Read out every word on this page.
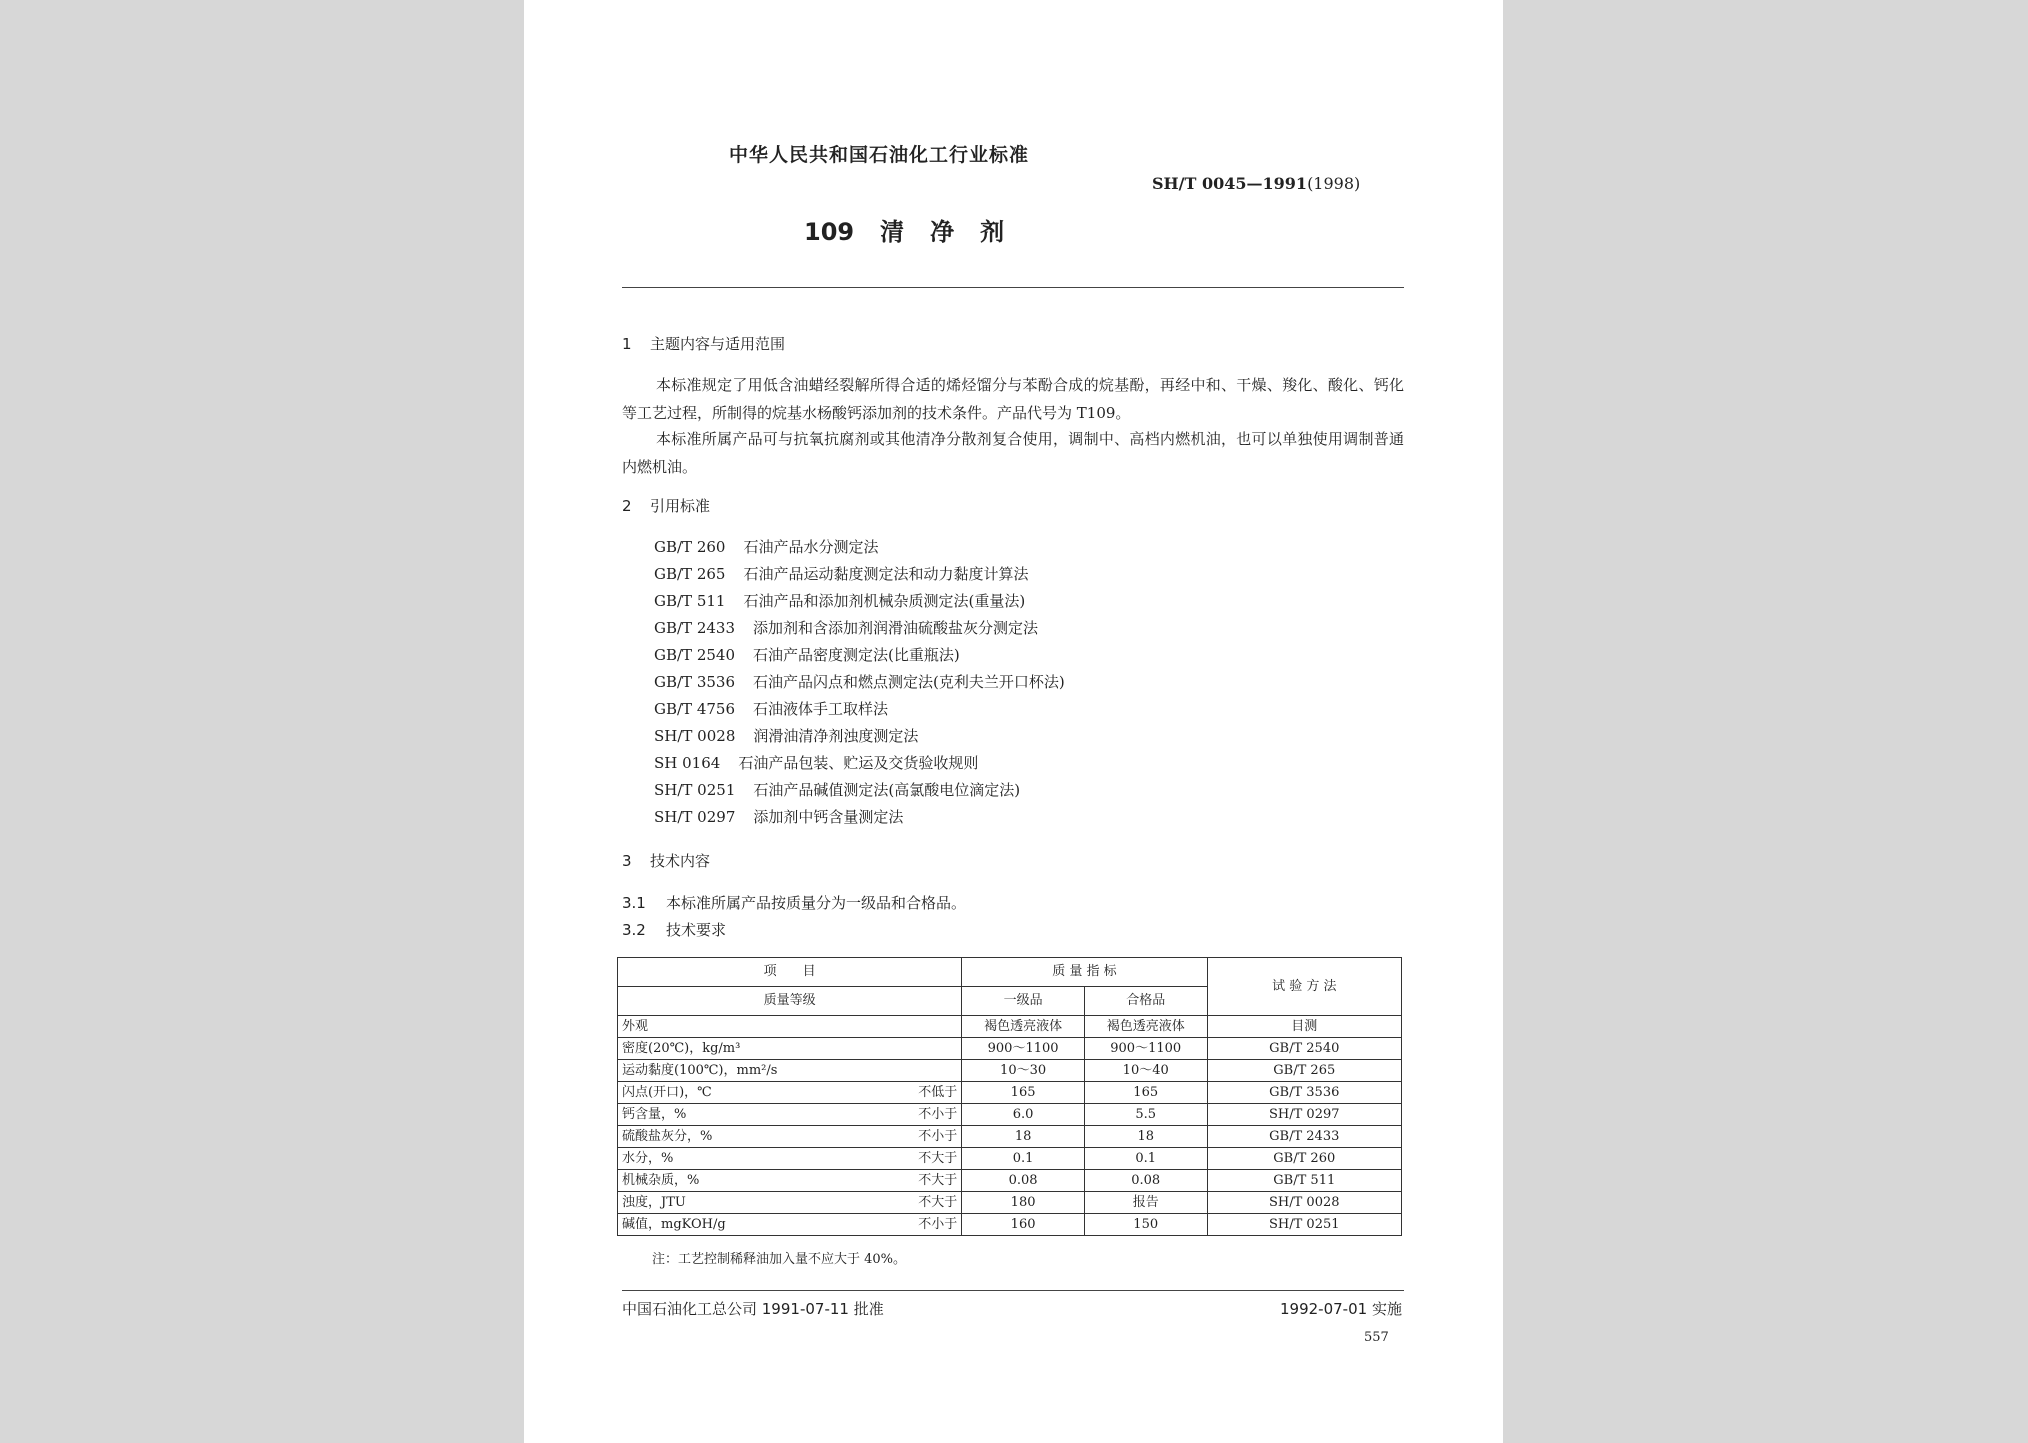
中华人民共和国石油化工行业标准
SH/T 0045—1991(1998)
109 清 净 剂
1 主题内容与适用范围
本标准规定了用低含油蜡经裂解所得合适的烯烃馏分与苯酚合成的烷基酚，再经中和、干燥、羧化、酸化、钙化等工艺过程，所制得的烷基水杨酸钙添加剂的技术条件。产品代号为 T109。
本标准所属产品可与抗氧抗腐剂或其他清净分散剂复合使用，调制中、高档内燃机油，也可以单独使用调制普通内燃机油。
2 引用标准
GB/T 260 石油产品水分测定法
GB/T 265 石油产品运动黏度测定法和动力黏度计算法
GB/T 511 石油产品和添加剂机械杂质测定法(重量法)
GB/T 2433 添加剂和含添加剂润滑油硫酸盐灰分测定法
GB/T 2540 石油产品密度测定法(比重瓶法)
GB/T 3536 石油产品闪点和燃点测定法(克利夫兰开口杯法)
GB/T 4756 石油液体手工取样法
SH/T 0028 润滑油清净剂浊度测定法
SH 0164 石油产品包装、贮运及交货验收规则
SH/T 0251 石油产品碱值测定法(高氯酸电位滴定法)
SH/T 0297 添加剂中钙含量测定法
3 技术内容
3.1 本标准所属产品按质量分为一级品和合格品。
3.2 技术要求
项　　目		质 量 指 标		试 验 方 法
质量等级		一级品	合格品	
外观		褐色透亮液体	褐色透亮液体	目测
密度(20℃)，kg/m³		900～1100	900～1100	GB/T 2540
运动黏度(100℃)，mm²/s		10～30	10～40	GB/T 265
闪点(开口)，℃	不低于	165	165	GB/T 3536
钙含量，%	不小于	6.0	5.5	SH/T 0297
硫酸盐灰分，%	不小于	18	18	GB/T 2433
水分，%	不大于	0.1	0.1	GB/T 260
机械杂质，%	不大于	0.08	0.08	GB/T 511
浊度，JTU	不大于	180	报告	SH/T 0028
碱值，mgKOH/g	不小于	160	150	SH/T 0251
注：工艺控制稀释油加入量不应大于 40%。
中国石油化工总公司 1991-07-11 批准	1992-07-01 实施
557
